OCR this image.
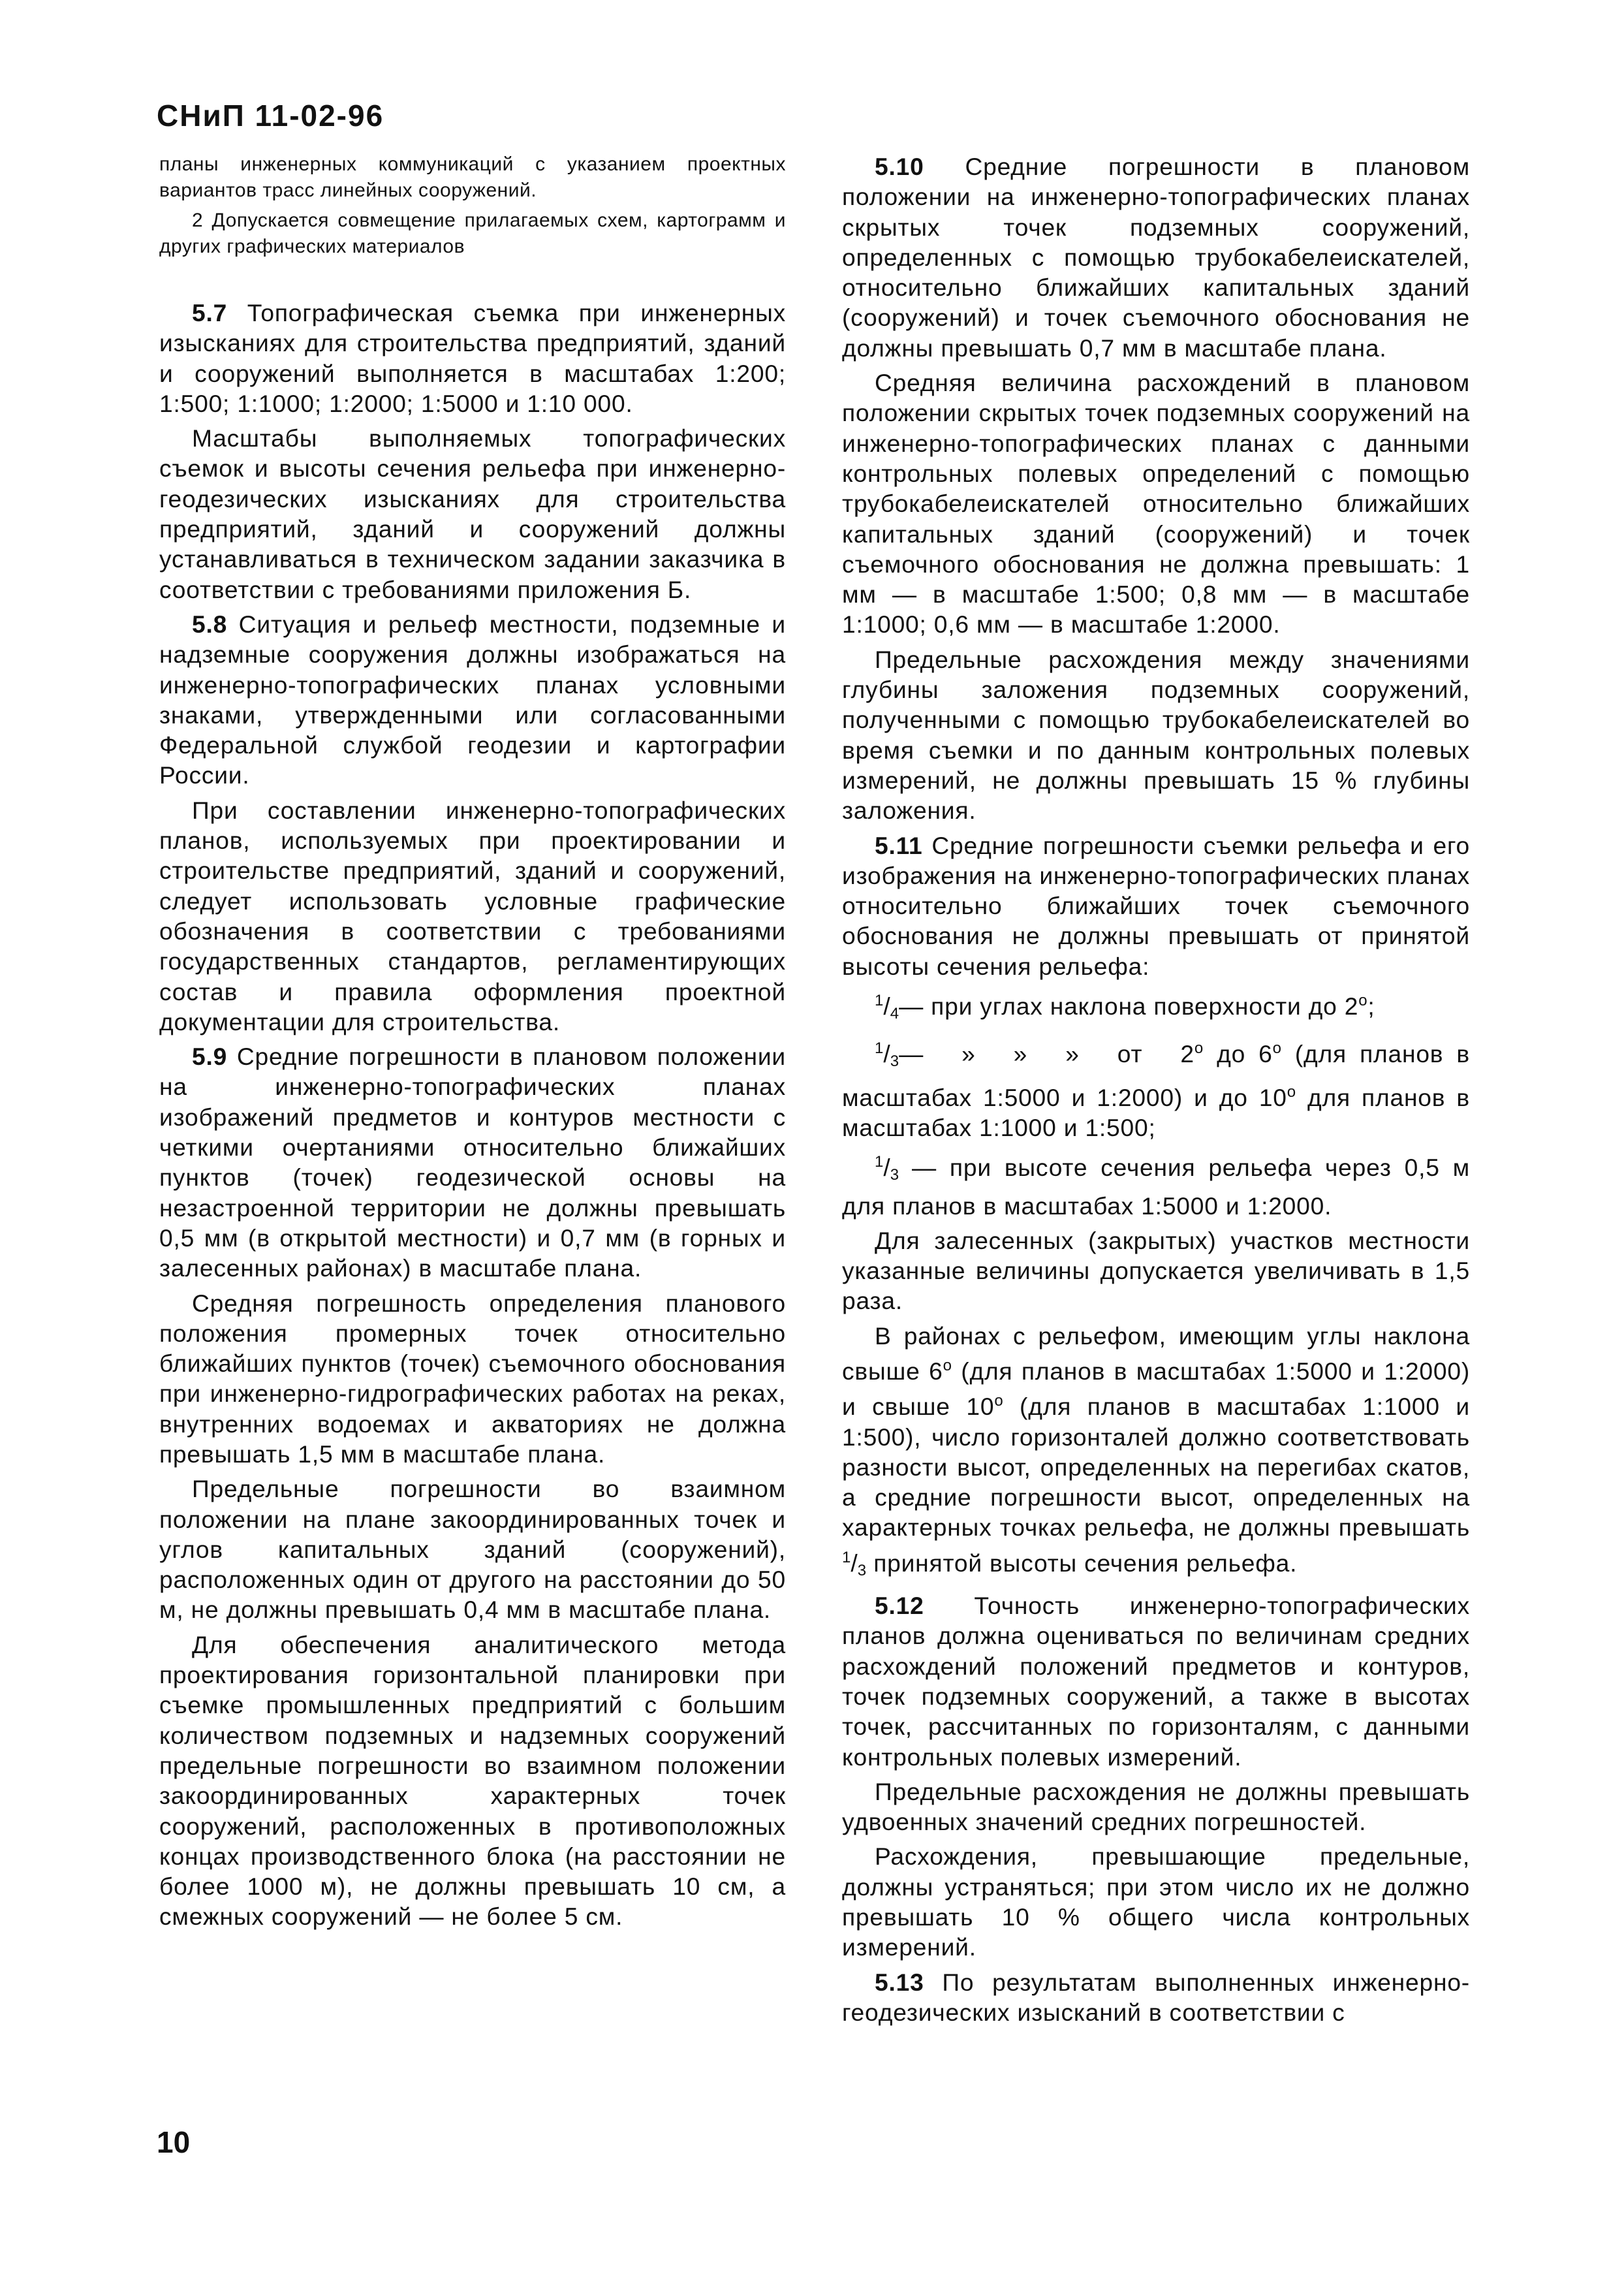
СНиП 11-02-96

планы инженерных коммуникаций с указанием проектных вариантов трасс линейных сооружений.

2 Допускается совмещение прилагаемых схем, картограмм и других графических материалов

5.7 Топографическая съемка при инженерных изысканиях для строительства предприятий, зданий и сооружений выполняется в масштабах 1:200; 1:500; 1:1000; 1:2000; 1:5000 и 1:10 000.

Масштабы выполняемых топографических съемок и высоты сечения рельефа при инженерно-геодезических изысканиях для строительства предприятий, зданий и сооружений должны устанавливаться в техническом задании заказчика в соответствии с требованиями приложения Б.

5.8 Ситуация и рельеф местности, подземные и надземные сооружения должны изображаться на инженерно-топографических планах условными знаками, утвержденными или согласованными Федеральной службой геодезии и картографии России.

При составлении инженерно-топографических планов, используемых при проектировании и строительстве предприятий, зданий и сооружений, следует использовать условные графические обозначения в соответствии с требованиями государственных стандартов, регламентирующих состав и правила оформления проектной документации для строительства.

5.9 Средние погрешности в плановом положении на инженерно-топографических планах изображений предметов и контуров местности с четкими очертаниями относительно ближайших пунктов (точек) геодезической основы на незастроенной территории не должны превышать 0,5 мм (в открытой местности) и 0,7 мм (в горных и залесенных районах) в масштабе плана.

Средняя погрешность определения планового положения промерных точек относительно ближайших пунктов (точек) съемочного обоснования при инженерно-гидрографических работах на реках, внутренних водоемах и акваториях не должна превышать 1,5 мм в масштабе плана.

Предельные погрешности во взаимном положении на плане закоординированных точек и углов капитальных зданий (сооружений), расположенных один от другого на расстоянии до 50 м, не должны превышать 0,4 мм в масштабе плана.

Для обеспечения аналитического метода проектирования горизонтальной планировки при съемке промышленных предприятий с большим количеством подземных и надземных сооружений предельные погрешности во взаимном положении закоординированных характерных точек сооружений, расположенных в противоположных концах производственного блока (на расстоянии не более 1000 м), не должны превышать 10 см, а смежных сооружений — не более 5 см.

5.10 Средние погрешности в плановом положении на инженерно-топографических планах скрытых точек подземных сооружений, определенных с помощью трубокабелеискателей, относительно ближайших капитальных зданий (сооружений) и точек съемочного обоснования не должны превышать 0,7 мм в масштабе плана.

Средняя величина расхождений в плановом положении скрытых точек подземных сооружений на инженерно-топографических планах с данными контрольных полевых определений с помощью трубокабелеискателей относительно ближайших капитальных зданий (сооружений) и точек съемочного обоснования не должна превышать: 1 мм — в масштабе 1:500; 0,8 мм — в масштабе 1:1000; 0,6 мм — в масштабе 1:2000.

Предельные расхождения между значениями глубины заложения подземных сооружений, полученными с помощью трубокабелеискателей во время съемки и по данным контрольных полевых измерений, не должны превышать 15 % глубины заложения.

5.11 Средние погрешности съемки рельефа и его изображения на инженерно-топографических планах относительно ближайших точек съемочного обоснования не должны превышать от принятой высоты сечения рельефа:

$^1/_4—$ при углах наклона поверхности до 2$^o$;

$^1/_3—$ » » » от 2$^o$ до 6$^o$ (для планов в масштабах 1:5000 и 1:2000) и до 10$^o$ для планов в масштабах 1:1000 и 1:500;

$^1/_3$ — при высоте сечения рельефа через 0,5 м для планов в масштабах 1:5000 и 1:2000.

Для залесенных (закрытых) участков местности указанные величины допускается увеличивать в 1,5 раза.

В районах с рельефом, имеющим углы наклона свыше 6$^o$ (для планов в масштабах 1:5000 и 1:2000) и свыше 10$^o$ (для планов в масштабах 1:1000 и 1:500), число горизонталей должно соответствовать разности высот, определенных на перегибах скатов, а средние погрешности высот, определенных на характерных точках рельефа, не должны превышать $^1/_3$ принятой высоты сечения рельефа.

5.12 Точность инженерно-топографических планов должна оцениваться по величинам средних расхождений положений предметов и контуров, точек подземных сооружений, а также в высотах точек, рассчитанных по горизонталям, с данными контрольных полевых измерений.

Предельные расхождения не должны превышать удвоенных значений средних погрешностей.

Расхождения, превышающие предельные, должны устраняться; при этом число их не должно превышать 10 % общего числа контрольных измерений.

5.13 По результатам выполненных инженерно-геодезических изысканий в соответствии с

10
